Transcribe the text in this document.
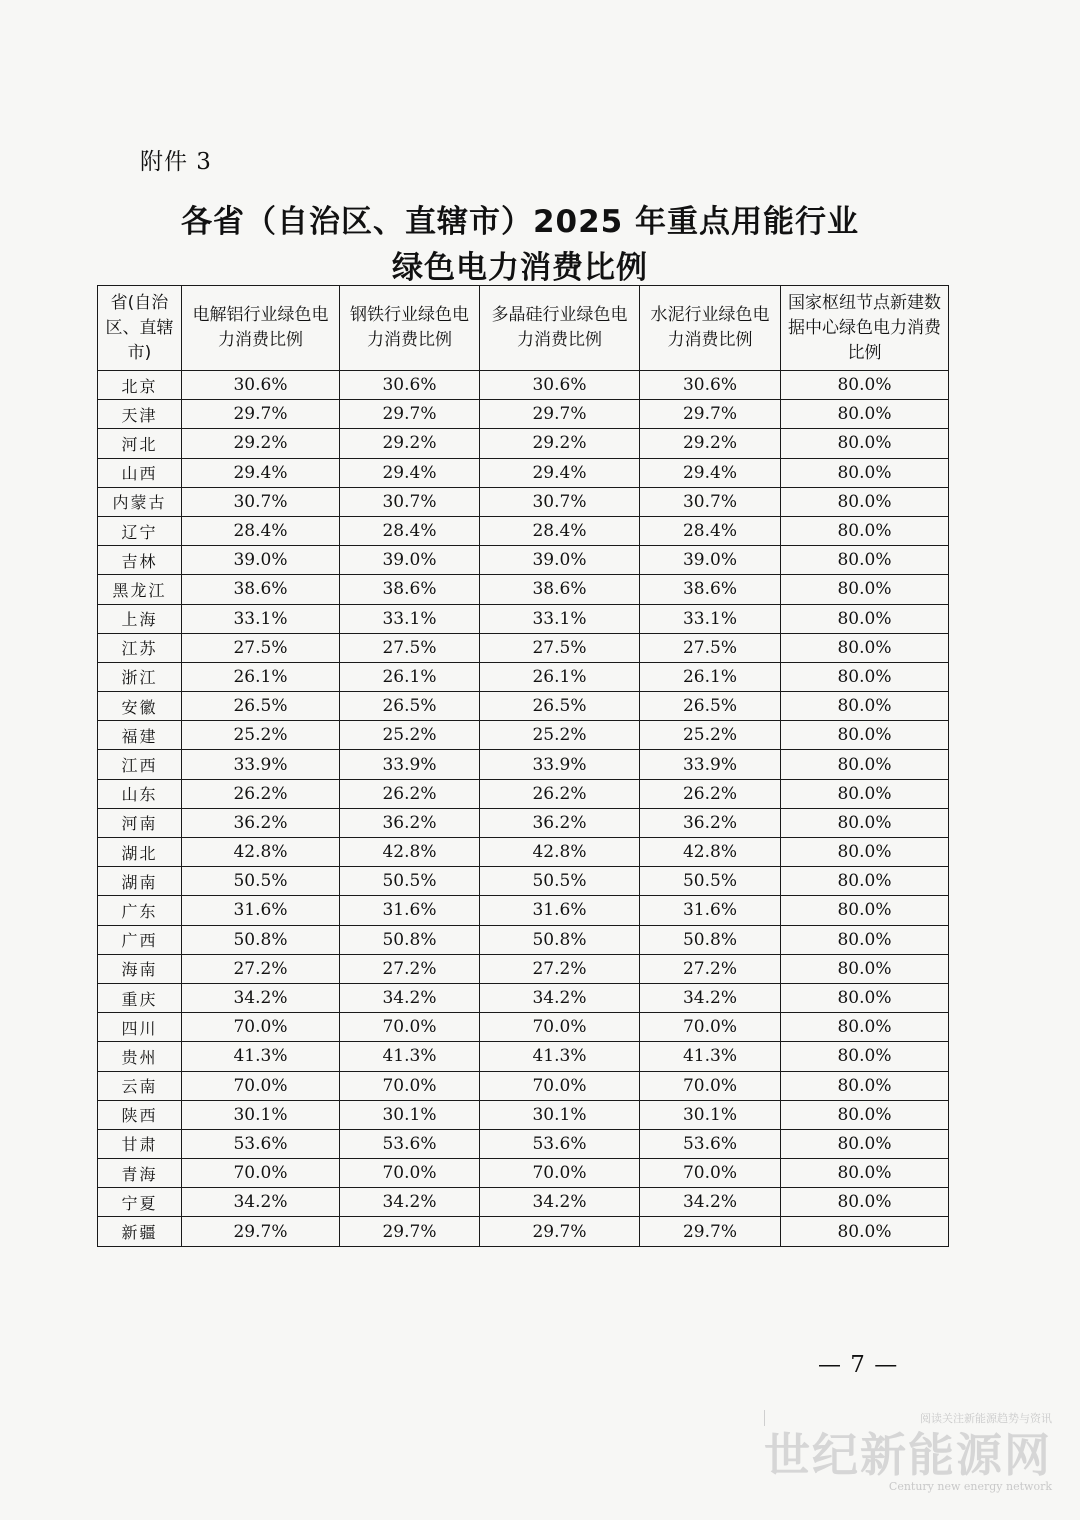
附件 3
各省（自治区、直辖市）2025 年重点用能行业
绿色电力消费比例
省(自治区、直辖市)	电解铝行业绿色电力消费比例	钢铁行业绿色电力消费比例	多晶硅行业绿色电力消费比例	水泥行业绿色电力消费比例	国家枢纽节点新建数据中心绿色电力消费比例
北京	30.6%	30.6%	30.6%	30.6%	80.0%
天津	29.7%	29.7%	29.7%	29.7%	80.0%
河北	29.2%	29.2%	29.2%	29.2%	80.0%
山西	29.4%	29.4%	29.4%	29.4%	80.0%
内蒙古	30.7%	30.7%	30.7%	30.7%	80.0%
辽宁	28.4%	28.4%	28.4%	28.4%	80.0%
吉林	39.0%	39.0%	39.0%	39.0%	80.0%
黑龙江	38.6%	38.6%	38.6%	38.6%	80.0%
上海	33.1%	33.1%	33.1%	33.1%	80.0%
江苏	27.5%	27.5%	27.5%	27.5%	80.0%
浙江	26.1%	26.1%	26.1%	26.1%	80.0%
安徽	26.5%	26.5%	26.5%	26.5%	80.0%
福建	25.2%	25.2%	25.2%	25.2%	80.0%
江西	33.9%	33.9%	33.9%	33.9%	80.0%
山东	26.2%	26.2%	26.2%	26.2%	80.0%
河南	36.2%	36.2%	36.2%	36.2%	80.0%
湖北	42.8%	42.8%	42.8%	42.8%	80.0%
湖南	50.5%	50.5%	50.5%	50.5%	80.0%
广东	31.6%	31.6%	31.6%	31.6%	80.0%
广西	50.8%	50.8%	50.8%	50.8%	80.0%
海南	27.2%	27.2%	27.2%	27.2%	80.0%
重庆	34.2%	34.2%	34.2%	34.2%	80.0%
四川	70.0%	70.0%	70.0%	70.0%	80.0%
贵州	41.3%	41.3%	41.3%	41.3%	80.0%
云南	70.0%	70.0%	70.0%	70.0%	80.0%
陕西	30.1%	30.1%	30.1%	30.1%	80.0%
甘肃	53.6%	53.6%	53.6%	53.6%	80.0%
青海	70.0%	70.0%	70.0%	70.0%	80.0%
宁夏	34.2%	34.2%	34.2%	34.2%	80.0%
新疆	29.7%	29.7%	29.7%	29.7%	80.0%
— 7 —
阅读关注新能源趋势与资讯
世纪新能源网
Century new energy network
